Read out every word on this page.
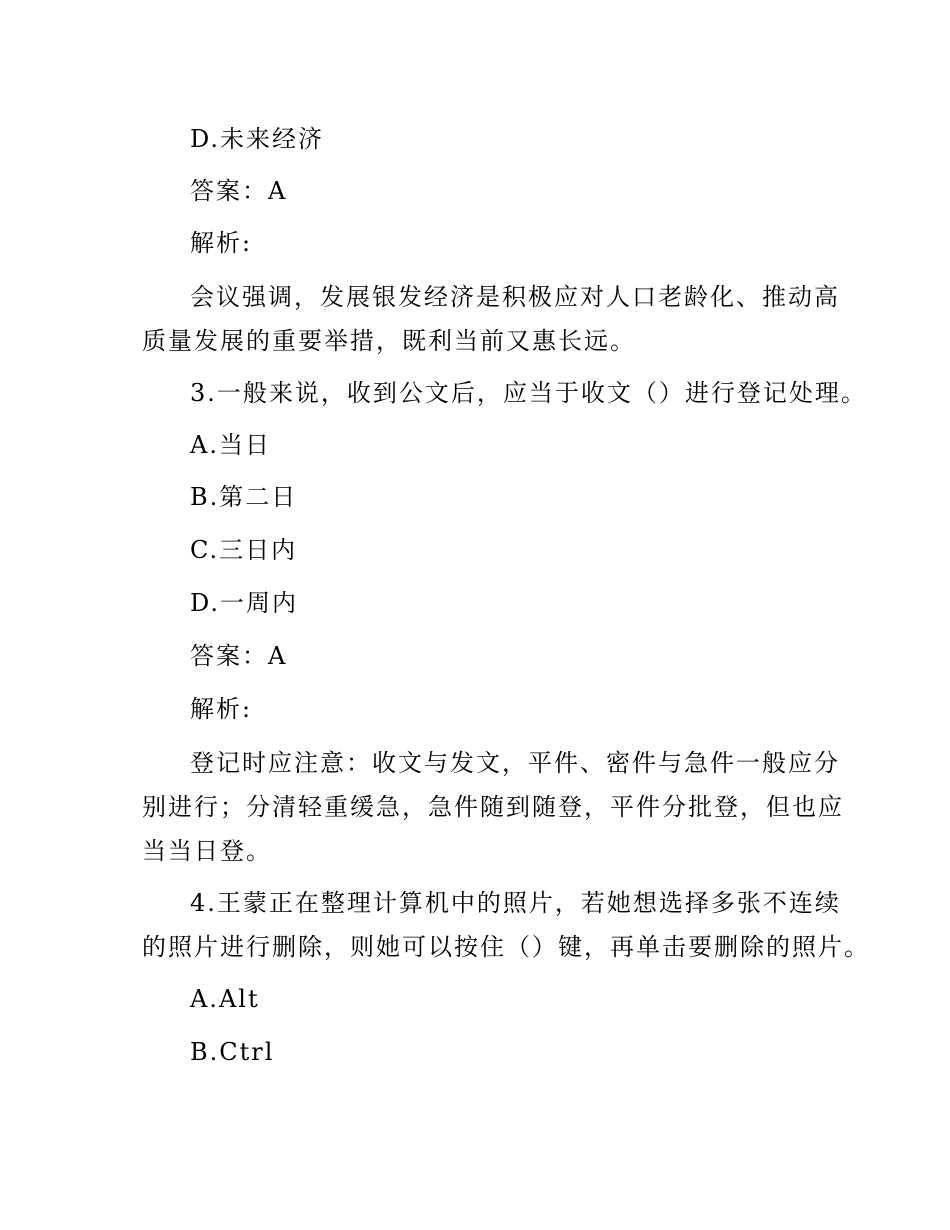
D.未来经济
答案：A
解析:
会议强调，发展银发经济是积极应对人口老龄化、推动高
质量发展的重要举措，既利当前又惠长远。
3.一般来说，收到公文后，应当于收文（）进行登记处理。
A.当日
B.第二日
C.三日内
D.一周内
答案：A
解析:
登记时应注意：收文与发文，平件、密件与急件一般应分
别进行；分清轻重缓急，急件随到随登，平件分批登，但也应
当当日登。
4.王蒙正在整理计算机中的照片，若她想选择多张不连续
的照片进行删除，则她可以按住（）键，再单击要删除的照片。
A.Alt
B.Ctrl
